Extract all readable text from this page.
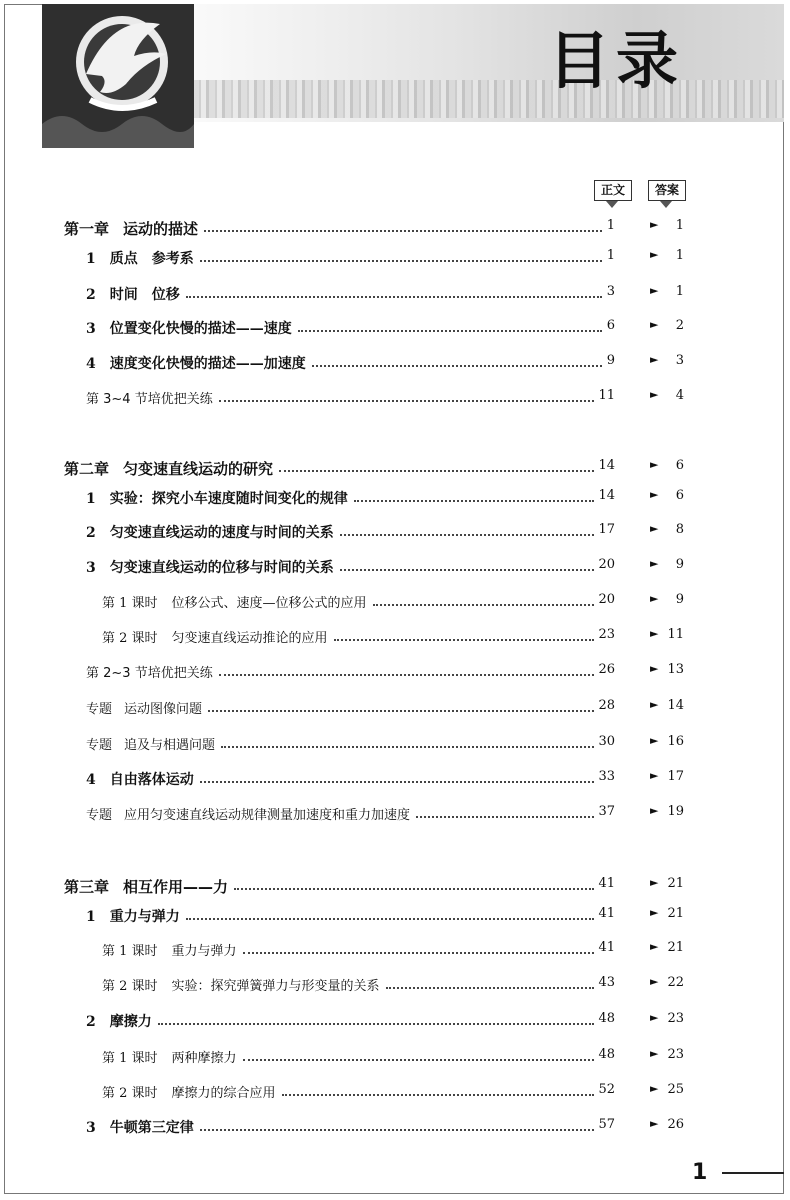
目录
正文	答案
第一章 运动的描述	1	► 1
1 质点　参考系	1	► 1
2 时间　位移	3	► 1
3 位置变化快慢的描述——速度	6	► 2
4 速度变化快慢的描述——加速度	9	► 3
第 3~4 节培优把关练	11	► 4
第二章 匀变速直线运动的研究	14	► 6
1 实验：探究小车速度随时间变化的规律	14	► 6
2 匀变速直线运动的速度与时间的关系	17	► 8
3 匀变速直线运动的位移与时间的关系	20	► 9
第 1 课时 位移公式、速度—位移公式的应用	20	► 9
第 2 课时 匀变速直线运动推论的应用	23	► 11
第 2~3 节培优把关练	26	► 13
专题 运动图像问题	28	► 14
专题 追及与相遇问题	30	► 16
4 自由落体运动	33	► 17
专题 应用匀变速直线运动规律测量加速度和重力加速度	37	► 19
第三章 相互作用——力	41	► 21
1 重力与弹力	41	► 21
第 1 课时 重力与弹力	41	► 21
第 2 课时 实验：探究弹簧弹力与形变量的关系	43	► 22
2 摩擦力	48	► 23
第 1 课时 两种摩擦力	48	► 23
第 2 课时 摩擦力的综合应用	52	► 25
3 牛顿第三定律	57	► 26
1
